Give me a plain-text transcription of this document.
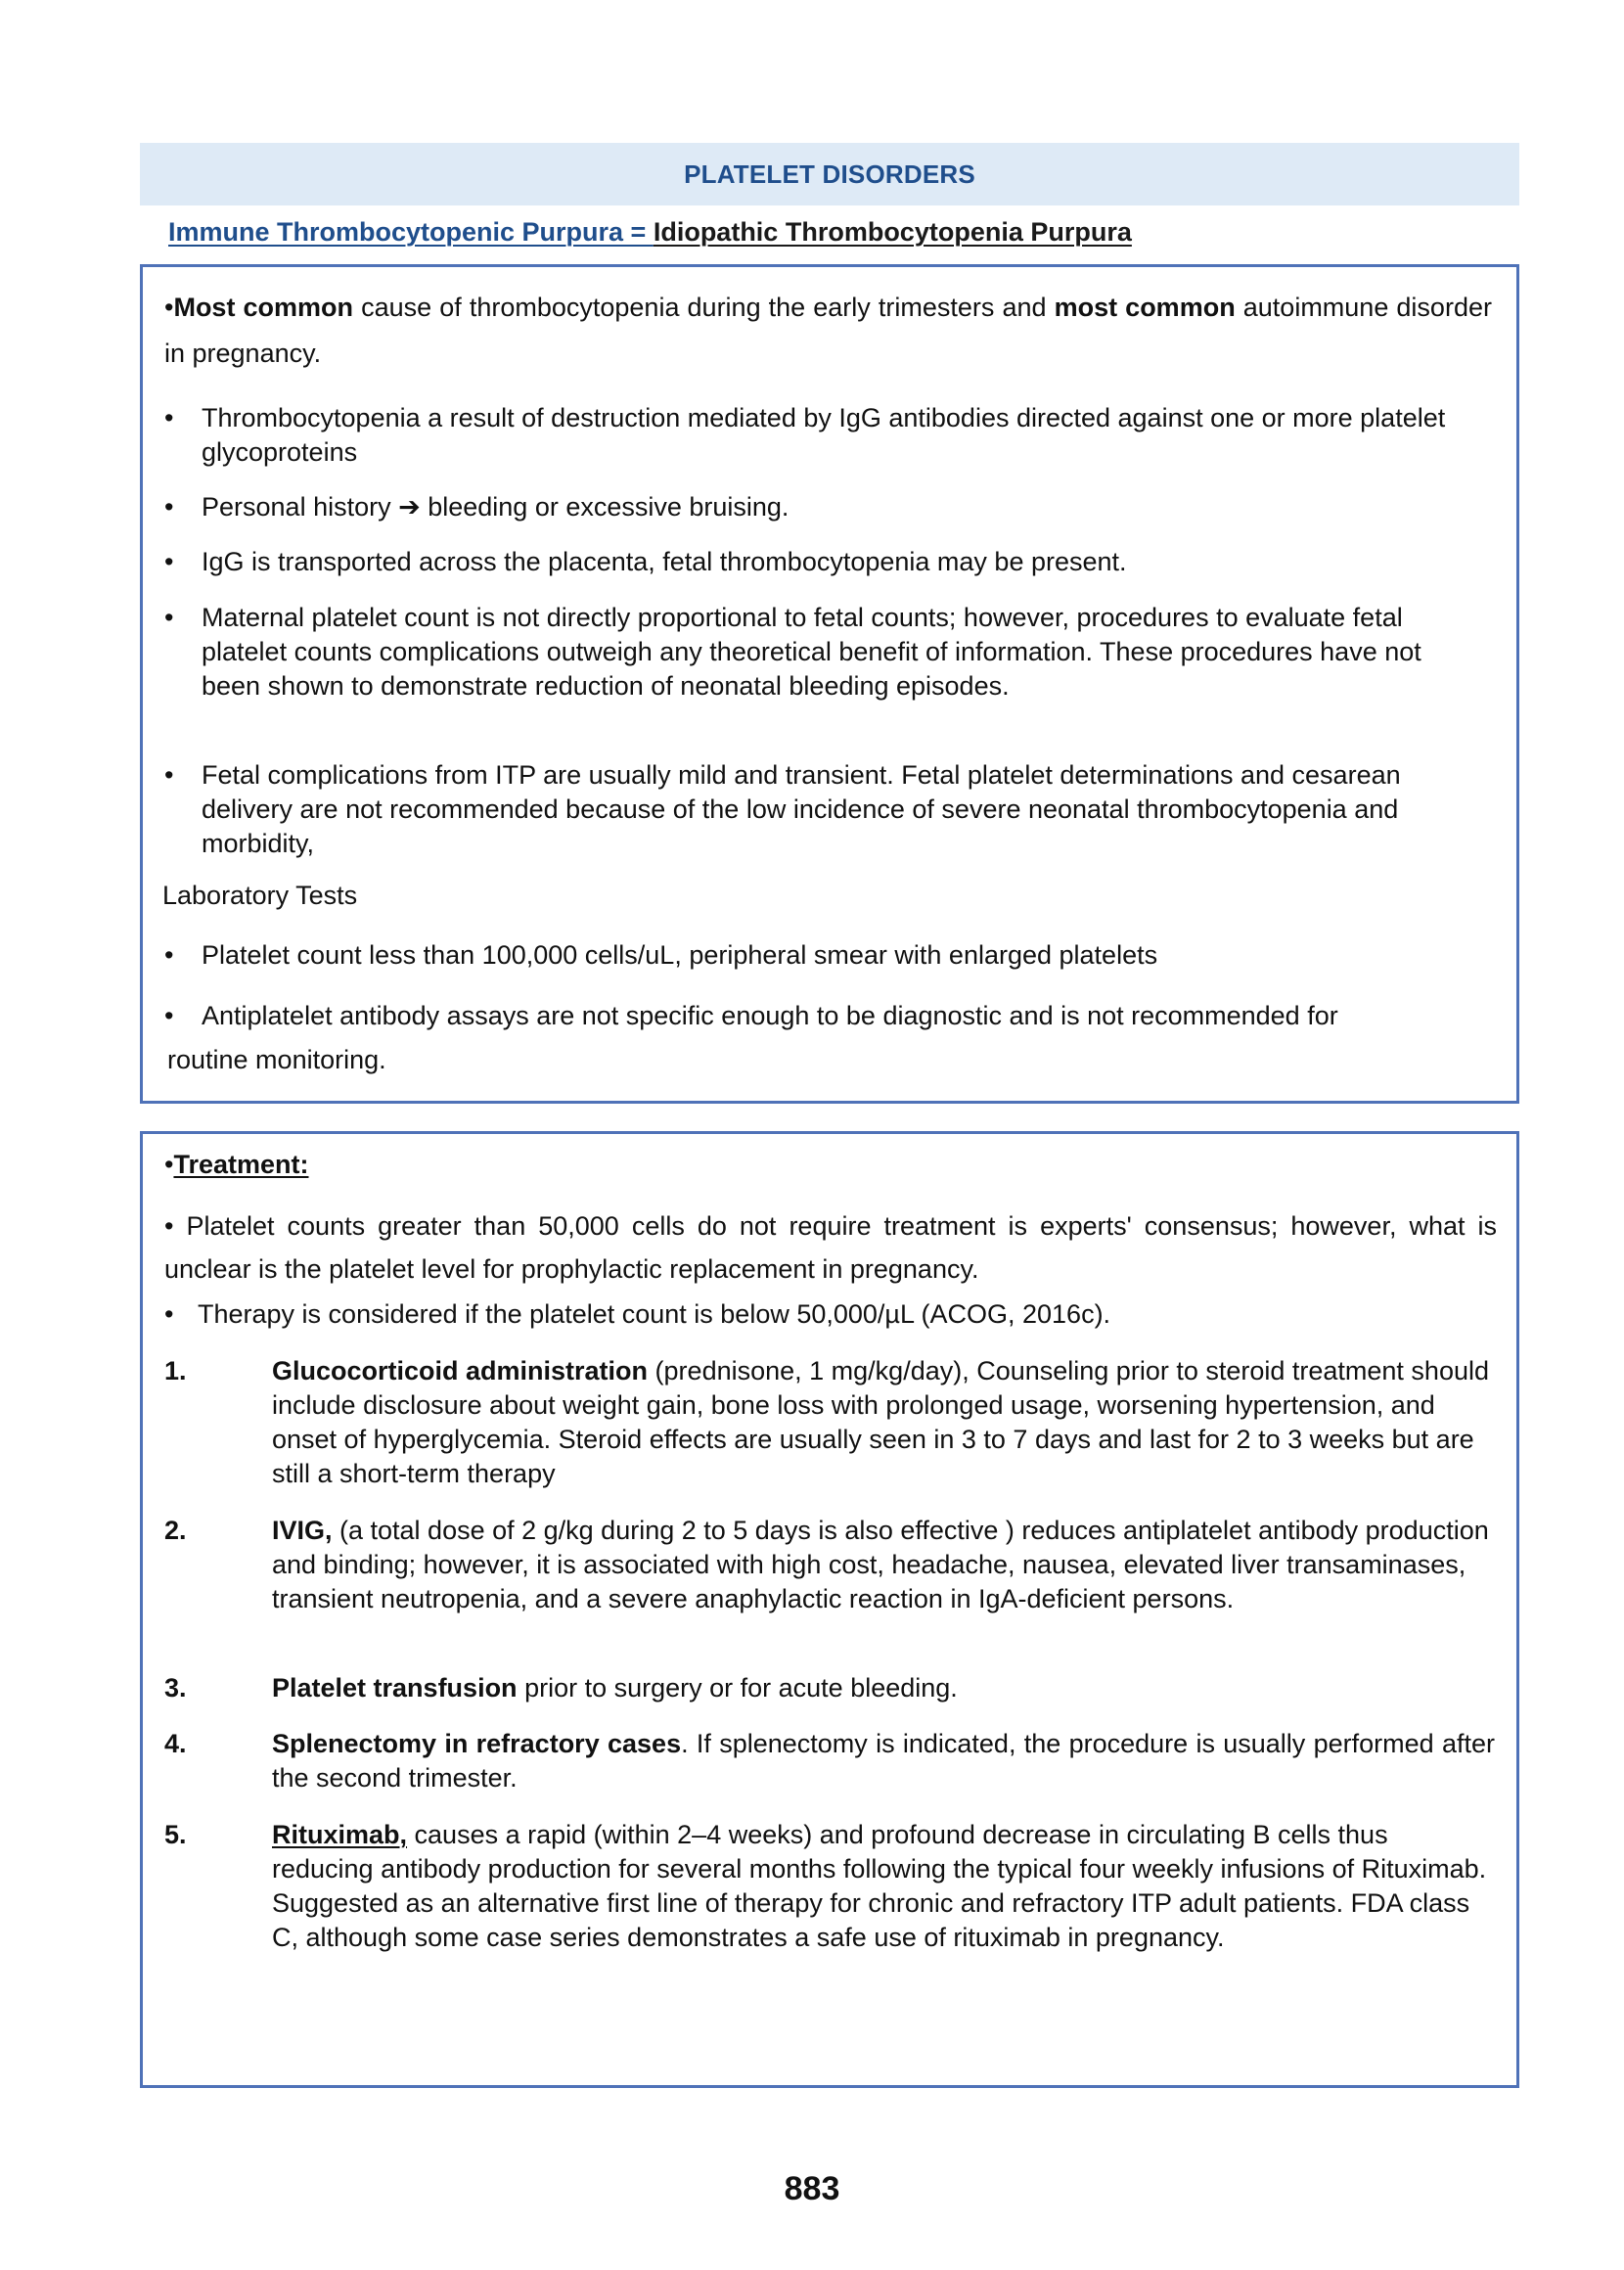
PLATELET DISORDERS
Immune Thrombocytopenic Purpura = Idiopathic Thrombocytopenia Purpura
•Most common cause of thrombocytopenia during the early trimesters and most common autoimmune disorder in pregnancy.
• Thrombocytopenia a result of destruction mediated by IgG antibodies directed against one or more platelet glycoproteins
• Personal history ➔ bleeding or excessive bruising.
• IgG is transported across the placenta, fetal thrombocytopenia may be present.
• Maternal platelet count is not directly proportional to fetal counts; however, procedures to evaluate fetal platelet counts complications outweigh any theoretical benefit of information. These procedures have not been shown to demonstrate reduction of neonatal bleeding episodes.
• Fetal complications from ITP are usually mild and transient. Fetal platelet determinations and cesarean delivery are not recommended because of the low incidence of severe neonatal thrombocytopenia and morbidity,
Laboratory Tests
• Platelet count less than 100,000 cells/uL, peripheral smear with enlarged platelets
• Antiplatelet antibody assays are not specific enough to be diagnostic and is not recommended for
routine monitoring.
•Treatment:
• Platelet counts greater than 50,000 cells do not require treatment is experts' consensus; however, what is unclear is the platelet level for prophylactic replacement in pregnancy.
• Therapy is considered if the platelet count is below 50,000/µL (ACOG, 2016c).
1.	Glucocorticoid administration (prednisone, 1 mg/kg/day), Counseling prior to steroid treatment should include disclosure about weight gain, bone loss with prolonged usage, worsening hypertension, and onset of hyperglycemia. Steroid effects are usually seen in 3 to 7 days and last for 2 to 3 weeks but are still a short-term therapy
2.	IVIG, (a total dose of 2 g/kg during 2 to 5 days is also effective ) reduces antiplatelet antibody production and binding; however, it is associated with high cost, headache, nausea, elevated liver transaminases, transient neutropenia, and a severe anaphylactic reaction in IgA-deficient persons.
3.	Platelet transfusion prior to surgery or for acute bleeding.
4.	Splenectomy in refractory cases. If splenectomy is indicated, the procedure is usually performed after the second trimester.
5.	Rituximab, causes a rapid (within 2–4 weeks) and profound decrease in circulating B cells thus reducing antibody production for several months following the typical four weekly infusions of Rituximab. Suggested as an alternative first line of therapy for chronic and refractory ITP adult patients. FDA class C, although some case series demonstrates a safe use of rituximab in pregnancy.
883
